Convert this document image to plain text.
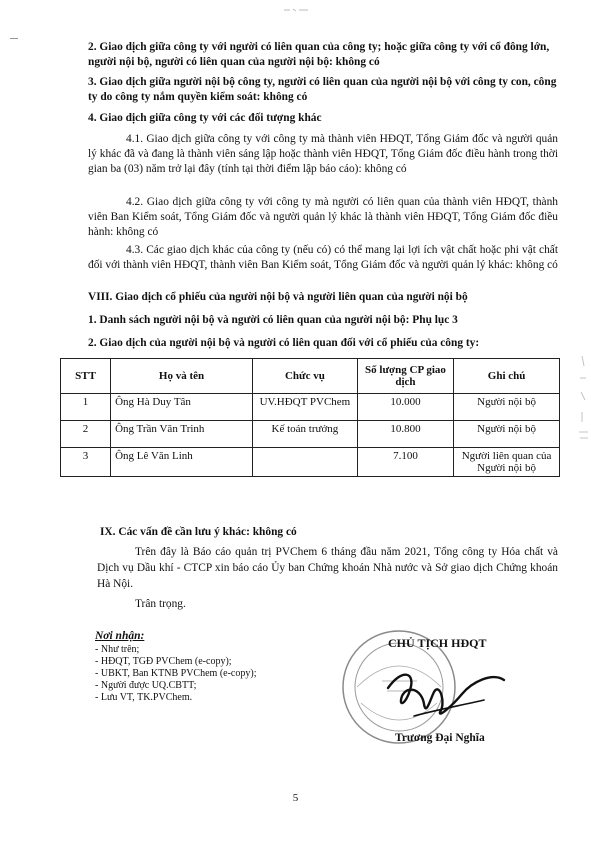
2. Giao dịch giữa công ty với người có liên quan của công ty; hoặc giữa công ty với cổ đông lớn, người nội bộ, người có liên quan của người nội bộ: không có
3. Giao dịch giữa người nội bộ công ty, người có liên quan của người nội bộ với công ty con, công ty do công ty nắm quyền kiểm soát: không có
4. Giao dịch giữa công ty với các đối tượng khác
4.1. Giao dịch giữa công ty với công ty mà thành viên HĐQT, Tổng Giám đốc và người quản lý khác đã và đang là thành viên sáng lập hoặc thành viên HĐQT, Tổng Giám đốc điều hành trong thời gian ba (03) năm trở lại đây (tính tại thời điểm lập báo cáo): không có
4.2. Giao dịch giữa công ty với công ty mà người có liên quan của thành viên HĐQT, thành viên Ban Kiểm soát, Tổng Giám đốc và người quản lý khác là thành viên HĐQT, Tổng Giám đốc điều hành: không có
4.3. Các giao dịch khác của công ty (nếu có) có thể mang lại lợi ích vật chất hoặc phi vật chất đối với thành viên HĐQT, thành viên Ban Kiểm soát, Tổng Giám đốc và người quản lý khác: không có
VIII. Giao dịch cổ phiếu của người nội bộ và người liên quan của người nội bộ
1. Danh sách người nội bộ và người có liên quan của người nội bộ: Phụ lục 3
2. Giao dịch của người nội bộ và người có liên quan đối với cổ phiếu của công ty:
STT	Họ và tên	Chức vụ	Số lượng CP giao dịch	Ghi chú
1	Ông Hà Duy Tân	UV.HĐQT PVChem	10.000	Người nội bộ
2	Ông Trần Văn Trinh	Kế toán trưởng	10.800	Người nội bộ
3	Ông Lê Văn Linh		7.100	Người liên quan của Người nội bộ
IX. Các vấn đề cần lưu ý khác: không có
Trên đây là Báo cáo quản trị PVChem 6 tháng đầu năm 2021, Tổng công ty Hóa chất và Dịch vụ Dầu khí - CTCP xin báo cáo Ủy ban Chứng khoán Nhà nước và Sở giao dịch Chứng khoán Hà Nội.
Trân trọng.
Nơi nhận:
- Như trên;
- HĐQT, TGĐ PVChem (e-copy);
- UBKT, Ban KTNB PVChem (e-copy);
- Người được UQ.CBTT;
- Lưu VT, TK.PVChem.
CHỦ TỊCH HĐQT
Trương Đại Nghĩa
5
